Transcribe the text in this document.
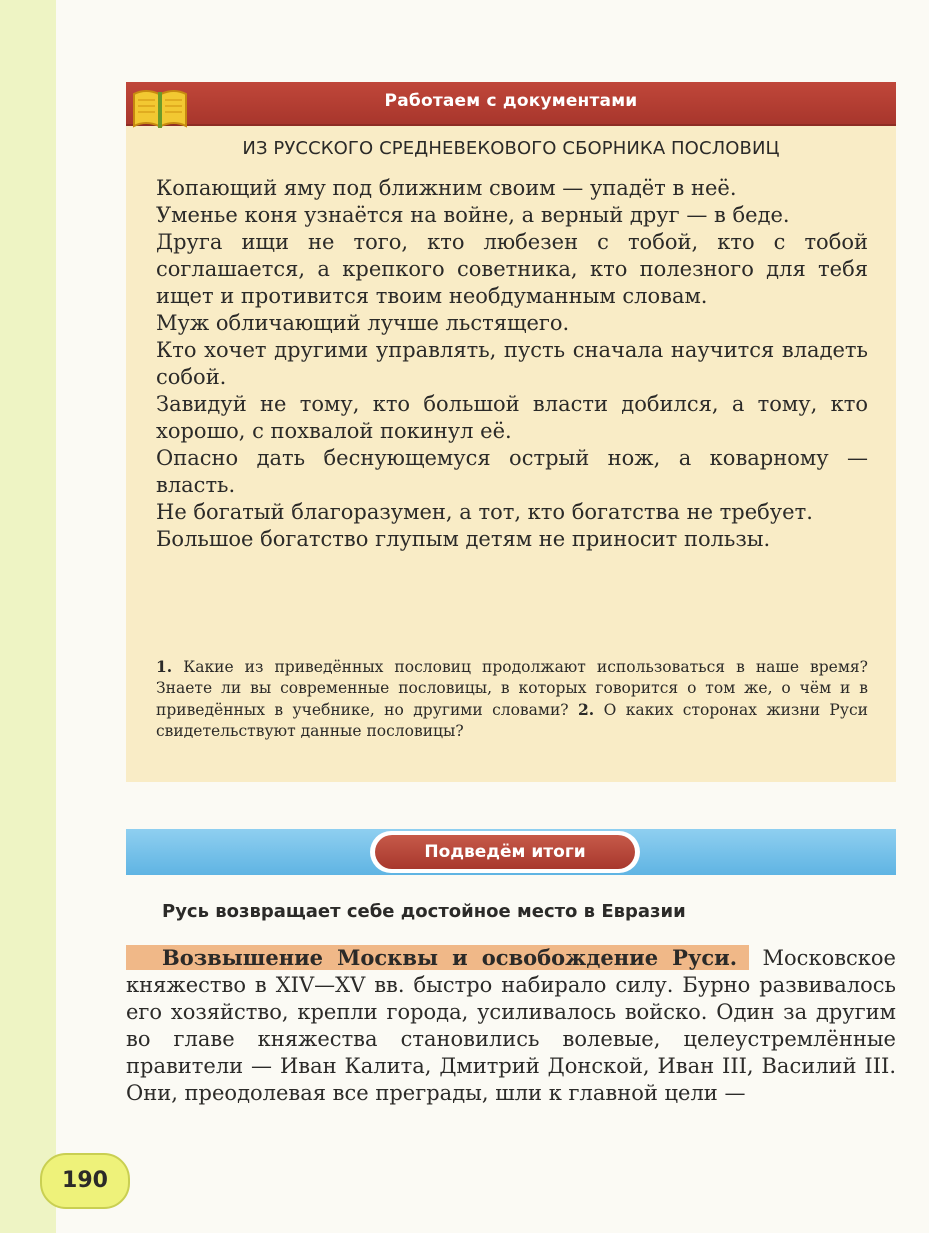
Работаем с документами
ИЗ РУССКОГО СРЕДНЕВЕКОВОГО СБОРНИКА ПОСЛОВИЦ

Копающий яму под ближним своим — упадёт в неё.

Уменье коня узнаётся на войне, а верный друг — в беде.

Друга ищи не того, кто любезен с тобой, кто с тобой соглашается, а крепкого советника, кто полезного для тебя ищет и противится твоим необдуманным словам.

Муж обличающий лучше льстящего.

Кто хочет другими управлять, пусть сначала научится владеть собой.

Завидуй не тому, кто большой власти добился, а тому, кто хорошо, с похвалой покинул её.

Опасно дать беснующемуся острый нож, а коварному — власть.

Не богатый благоразумен, а тот, кто богатства не требует.

Большое богатство глупым детям не приносит пользы.

1. Какие из приведённых пословиц продолжают использоваться в наше время? Знаете ли вы современные пословицы, в которых говорится о том же, о чём и в приведённых в учебнике, но другими словами? 2. О каких сторонах жизни Руси свидетельствуют данные пословицы?

Подведём итоги
Русь возвращает себе достойное место в Евразии
Возвышение Москвы и освобождение Руси. Московское княжество в XIV—XV вв. быстро набирало силу. Бурно развивалось его хозяйство, крепли города, усиливалось войско. Один за другим во главе княжества становились волевые, целеустремлённые правители — Иван Калита, Дмитрий Донской, Иван III, Василий III. Они, преодолевая все преграды, шли к главной цели —
190
